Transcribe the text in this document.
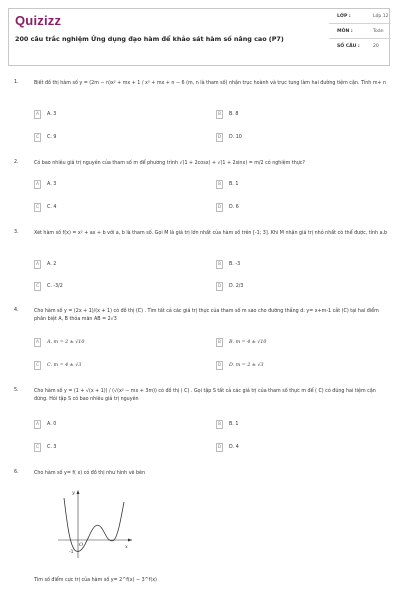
Quizizz
200 câu trắc nghiệm Ứng dụng đạo hàm để khảo sát hàm số nâng cao (P7)
LỚP :	Lớp 12
MÔN :	Toán
SỐ CÂU :	20
1.	Biết đồ thị hàm số y = (2m − n)x² + mx + 1 / x² + mx + n − 6 (m, n là tham số) nhận trục hoành và trục tung làm hai đường tiệm cận. Tính m+ n
A	A. 3	B	B. 8
C	C. 9	D	D. 10
2.	Có bao nhiêu giá trị nguyên của tham số m để phương trình √(1 + 2cosx) + √(1 + 2sinx) = m/2 có nghiệm thực?
A	A. 3	B	B. 1
C	C. 4	D	D. 6
3.	Xét hàm số f(x) = x² + ax + b với a, b là tham số. Gọi M là giá trị lớn nhất của hàm số trên [-1; 3]. Khi M nhận giá trị nhỏ nhất có thể được, tính a.b
A	A. 2	B	B. -3
C	C. -3/2	D	D. 2/3
4.	Cho hàm số y = (2x + 1)/(x + 1) có đồ thị (C) . Tìm tất cả các giá trị thực của tham số m sao cho đường thẳng d: y= x+m-1 cắt (C) tại hai điểm phân biệt A, B thỏa mãn AB = 2√3
A	A. m = 2 ± √10	B	B. m = 4 ± √10
C	C. m = 4 ± √3	D	D. m = 2 ± √3
5.	Cho hàm số y = (1 + √(x + 1)) / (√(x² − mx + 3m)) có đồ thị ( C) . Gọi tập S tất cả các giá trị của tham số thực m để ( C) có đúng hai tiệm cận đứng. Hỏi tập S có bao nhiêu giá trị nguyên
A	A. 0	B	B. 1
C	C. 3	D	D. 4
6.	Cho hàm số y= f( x) có đồ thị như hình vẽ bên
y
x
O
-1
Tìm số điểm cực trị của hàm số y= 2^f(x) − 3^f(x)
